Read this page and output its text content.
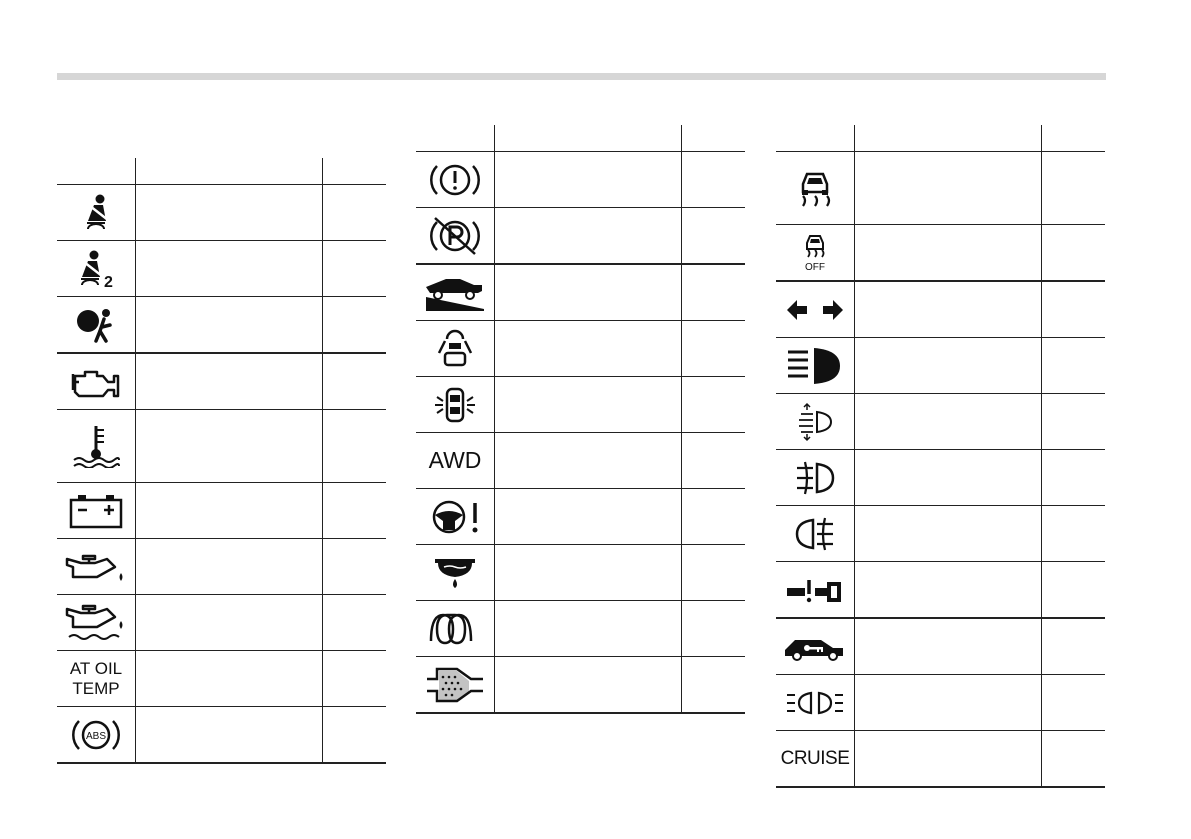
2
AT OIL
TEMP
ABS
AWD
OFF
CRUISE
